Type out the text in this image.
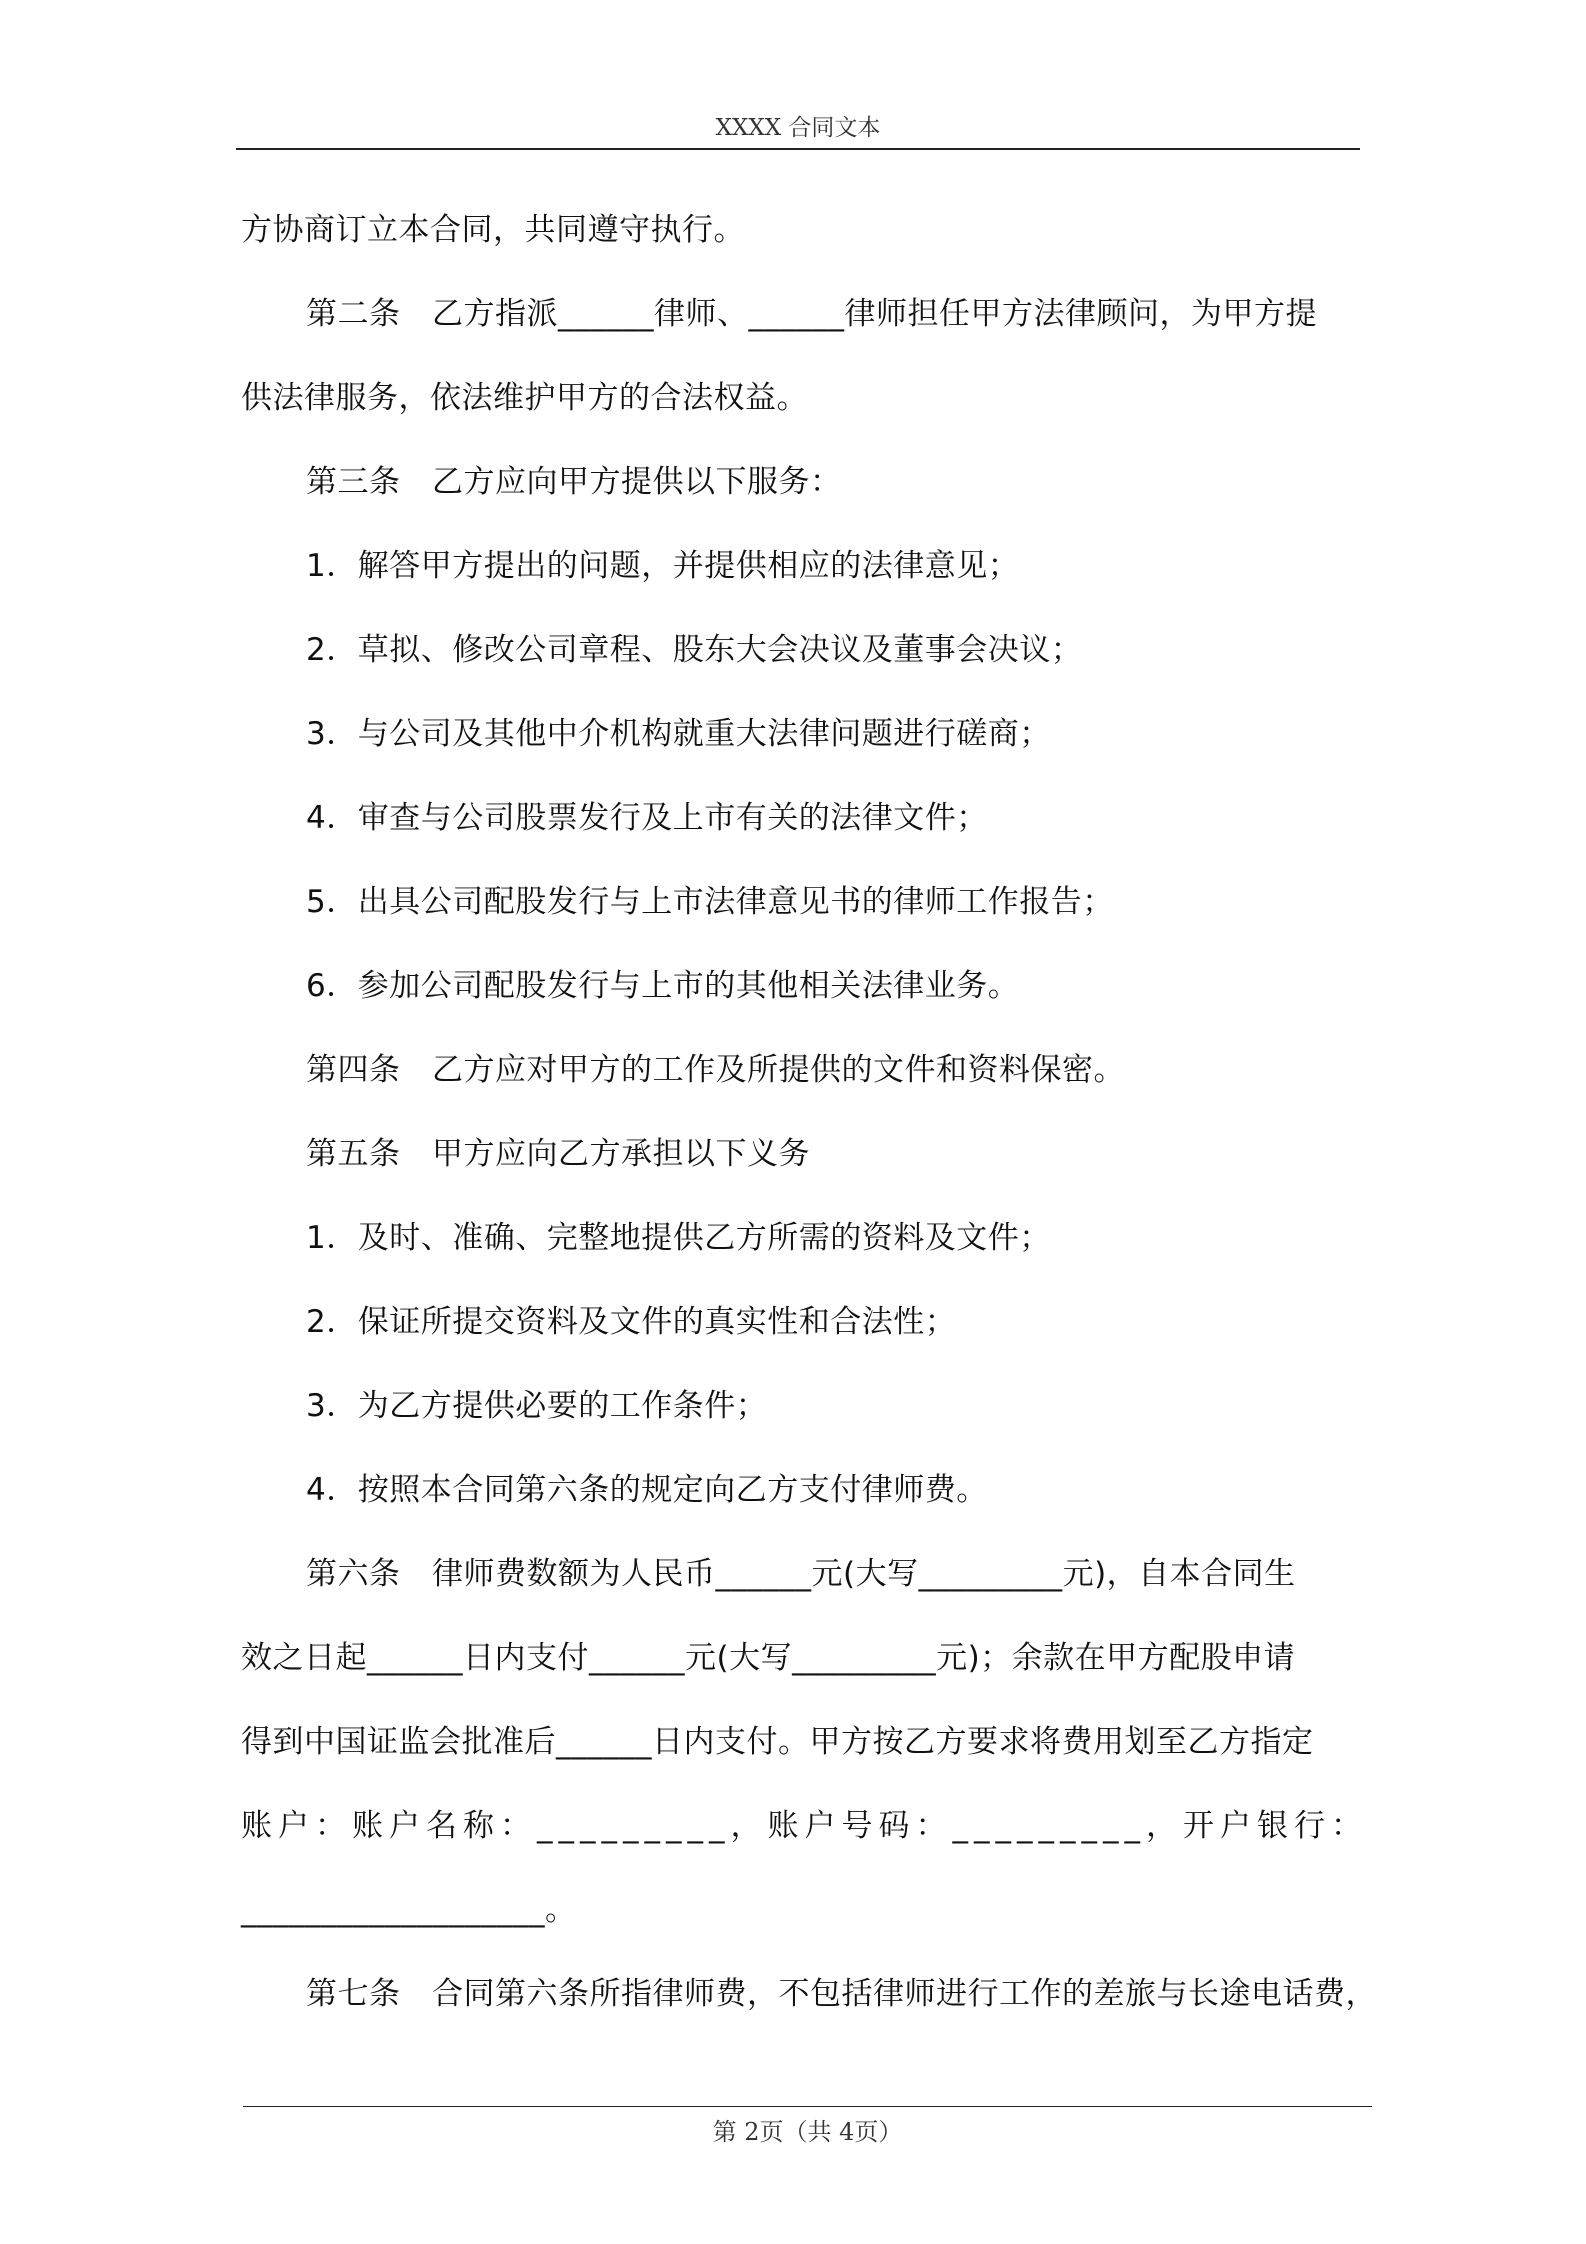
XXXX 合同文本
方协商订立本合同，共同遵守执行。
第二条　乙方指派______律师、______律师担任甲方法律顾问，为甲方提
供法律服务，依法维护甲方的合法权益。
第三条　乙方应向甲方提供以下服务：
1．解答甲方提出的问题，并提供相应的法律意见；
2．草拟、修改公司章程、股东大会决议及董事会决议；
3．与公司及其他中介机构就重大法律问题进行磋商；
4．审查与公司股票发行及上市有关的法律文件；
5．出具公司配股发行与上市法律意见书的律师工作报告；
6．参加公司配股发行与上市的其他相关法律业务。
第四条　乙方应对甲方的工作及所提供的文件和资料保密。
第五条　甲方应向乙方承担以下义务
1．及时、准确、完整地提供乙方所需的资料及文件；
2．保证所提交资料及文件的真实性和合法性；
3．为乙方提供必要的工作条件；
4．按照本合同第六条的规定向乙方支付律师费。
第六条　律师费数额为人民币______元(大写_________元)，自本合同生
效之日起______日内支付______元(大写_________元)；余款在甲方配股申请
得到中国证监会批准后______日内支付。甲方按乙方要求将费用划至乙方指定
账户：账户名称：_________，账户号码：_________，开户银行：
___________________。
第七条　合同第六条所指律师费，不包括律师进行工作的差旅与长途电话费，
第 2页（共 4页）
